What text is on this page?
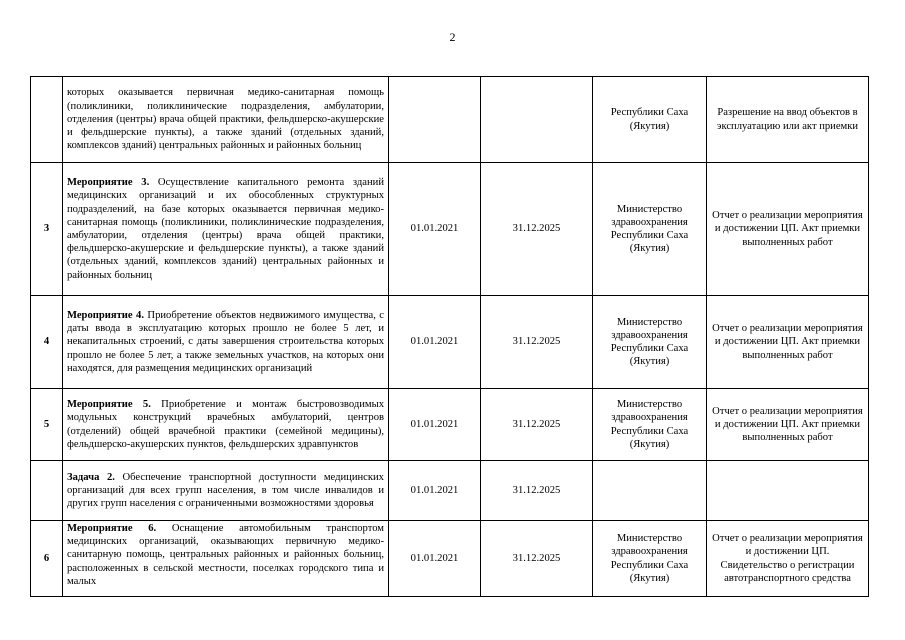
2
	которых оказывается первичная медико-санитарная помощь (поликлиники, поликлинические подразделения, амбулатории, отделения (центры) врача общей практики, фельдшерско-акушерские и фельдшерские пункты), а также зданий (отдельных зданий, комплексов зданий) центральных районных и районных больниц			Республики Саха (Якутия)	Разрешение на ввод объектов в эксплуатацию или акт приемки
3	Мероприятие 3. Осуществление капитального ремонта зданий медицинских организаций и их обособленных структурных подразделений, на базе которых оказывается первичная медико-санитарная помощь (поликлиники, поликлинические подразделения, амбулатории, отделения (центры) врача общей практики, фельдшерско-акушерские и фельдшерские пункты), а также зданий (отдельных зданий, комплексов зданий) центральных районных и районных больниц	01.01.2021	31.12.2025	Министерство здравоохранения Республики Саха (Якутия)	Отчет о реализации мероприятия и достижении ЦП. Акт приемки выполненных работ
4	Мероприятие 4. Приобретение объектов недвижимого имущества, с даты ввода в эксплуатацию которых прошло не более 5 лет, и некапитальных строений, с даты завершения строительства которых прошло не более 5 лет, а также земельных участков, на которых они находятся, для размещения медицинских организаций	01.01.2021	31.12.2025	Министерство здравоохранения Республики Саха (Якутия)	Отчет о реализации мероприятия и достижении ЦП. Акт приемки выполненных работ
5	Мероприятие 5. Приобретение и монтаж быстровозводимых модульных конструкций врачебных амбулаторий, центров (отделений) общей врачебной практики (семейной медицины), фельдшерско-акушерских пунктов, фельдшерских здравпунктов	01.01.2021	31.12.2025	Министерство здравоохранения Республики Саха (Якутия)	Отчет о реализации мероприятия и достижении ЦП. Акт приемки выполненных работ
	Задача 2. Обеспечение транспортной доступности медицинских организаций для всех групп населения, в том числе инвалидов и других групп населения с ограниченными возможностями здоровья	01.01.2021	31.12.2025		
6	Мероприятие 6. Оснащение автомобильным транспортом медицинских организаций, оказывающих первичную медико-санитарную помощь, центральных районных и районных больниц, расположенных в сельской местности, поселках городского типа и малых	01.01.2021	31.12.2025	Министерство здравоохранения Республики Саха (Якутия)	Отчет о реализации мероприятия и достижении ЦП. Свидетельство о регистрации автотранспортного средства
